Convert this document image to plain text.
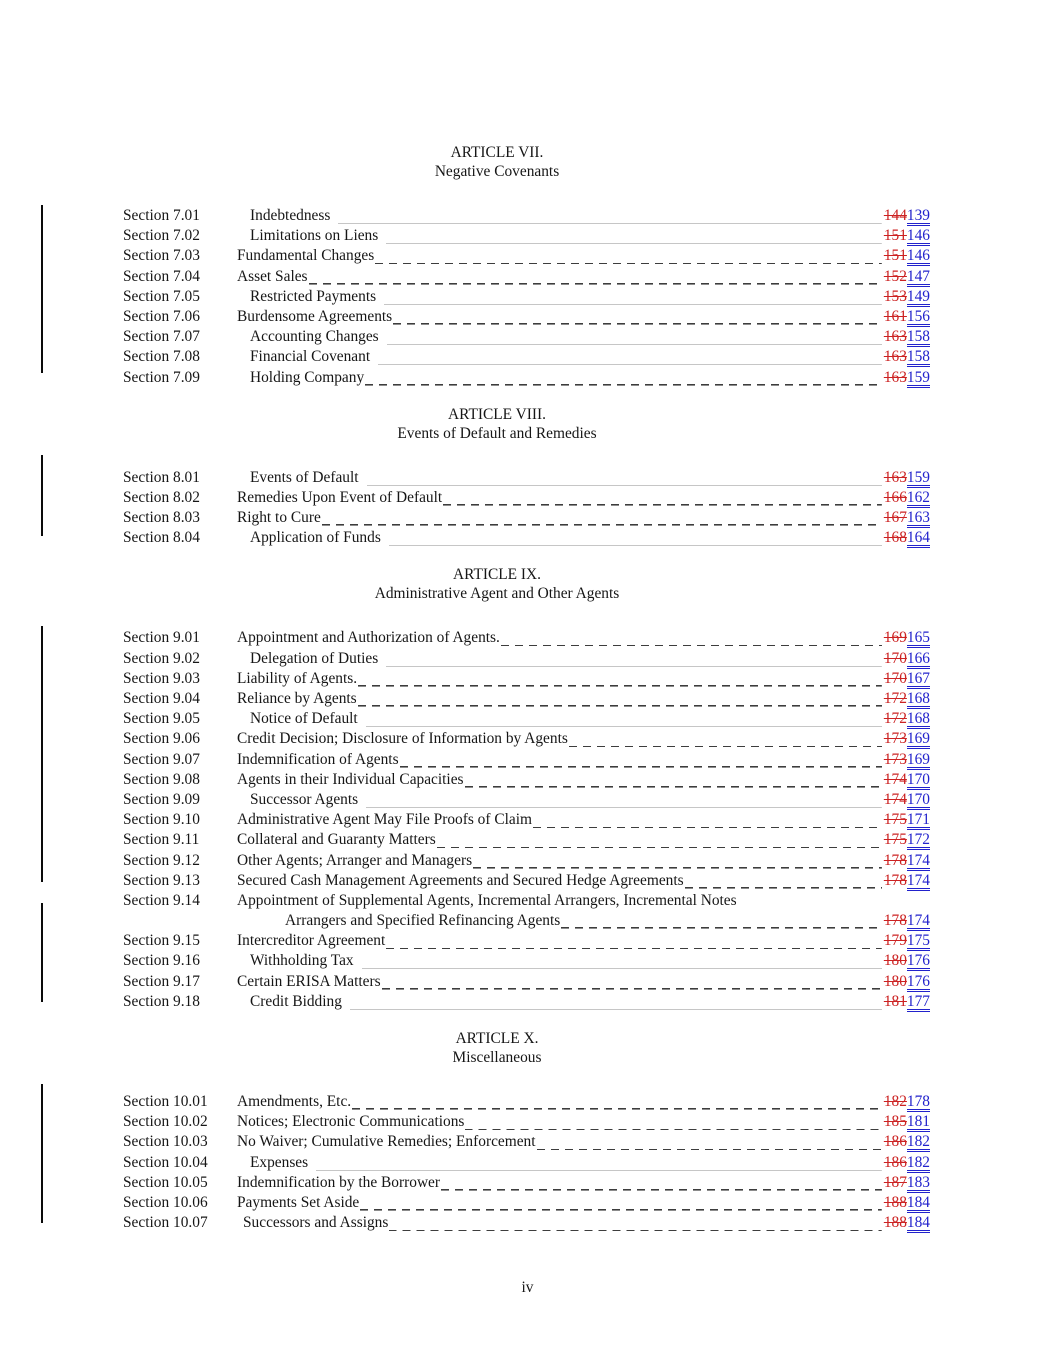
ARTICLE VII.
Negative Covenants
Section 7.01	Indebtedness	144139
Section 7.02	Limitations on Liens	151146
Section 7.03	Fundamental Changes	151146
Section 7.04	Asset Sales	152147
Section 7.05	Restricted Payments	153149
Section 7.06	Burdensome Agreements	161156
Section 7.07	Accounting Changes	163158
Section 7.08	Financial Covenant	163158
Section 7.09	Holding Company	163159
ARTICLE VIII.
Events of Default and Remedies
Section 8.01	Events of Default	163159
Section 8.02	Remedies Upon Event of Default	166162
Section 8.03	Right to Cure	167163
Section 8.04	Application of Funds	168164
ARTICLE IX.
Administrative Agent and Other Agents
Section 9.01	Appointment and Authorization of Agents.	169165
Section 9.02	Delegation of Duties	170166
Section 9.03	Liability of Agents.	170167
Section 9.04	Reliance by Agents	172168
Section 9.05	Notice of Default	172168
Section 9.06	Credit Decision; Disclosure of Information by Agents	173169
Section 9.07	Indemnification of Agents	173169
Section 9.08	Agents in their Individual Capacities	174170
Section 9.09	Successor Agents	174170
Section 9.10	Administrative Agent May File Proofs of Claim	175171
Section 9.11	Collateral and Guaranty Matters	175172
Section 9.12	Other Agents; Arranger and Managers	178174
Section 9.13	Secured Cash Management Agreements and Secured Hedge Agreements	178174
Section 9.14	Appointment of Supplemental Agents, Incremental Arrangers, Incremental Notes
Arrangers and Specified Refinancing Agents	178174
Section 9.15	Intercreditor Agreement	179175
Section 9.16	Withholding Tax	180176
Section 9.17	Certain ERISA Matters	180176
Section 9.18	Credit Bidding	181177
ARTICLE X.
Miscellaneous
Section 10.01	Amendments, Etc.	182178
Section 10.02	Notices; Electronic Communications	185181
Section 10.03	No Waiver; Cumulative Remedies; Enforcement	186182
Section 10.04	Expenses	186182
Section 10.05	Indemnification by the Borrower	187183
Section 10.06	Payments Set Aside	188184
Section 10.07	Successors and Assigns	188184
iv
